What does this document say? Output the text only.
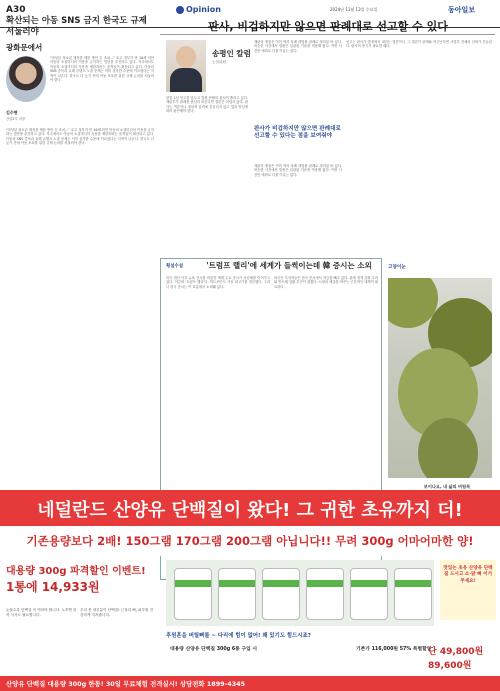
A30	Opinion	2024년 11월 13일 수요일	동아일보
확산되는 아동 SNS 금지 한국도 규제 서둘러야
광화문에서
김수현
산업1부 차장
"미성년 청소년 계정을 제한 방안 등 조치..." 호주 정부가 만 16세 미만 아동의 소셜미디어 이용을 금지하는 법안을 추진하고 있다. 각국에서도 아동의 소셜미디어 사용을 제한하려는 움직임이 확산되고 있다. 아동의 SNS 중독과 유해 콘텐츠 노출 문제는 이미 심각한 수준에 이르렀다는 지적이 나온다. 한국도 더 늦기 전에 아동 보호를 위한 규제 논의를 서둘러야 한다.
"미성년 청소년 계정을 제한 방안 등 조치..." 호주 정부가 만 16세 미만 아동의 소셜미디어 이용을 금지하는 법안을 추진하고 있다. 각국에서도 아동의 소셜미디어 사용을 제한하려는 움직임이 확산되고 있다. 아동의 SNS 중독과 유해 콘텐츠 노출 문제는 이미 심각한 수준에 이르렀다는 지적이 나온다. 한국도 더 늦기 전에 아동 보호를 위한 규제 논의를 서둘러야 한다.
판사, 비겁하지만 않으면 판례대로 선고할 수 있다
송평인 칼럼
논설위원
판결 1심 선고를 앞두고 법원 안팎의 관심이 쏠리고 있다. 재판부가 판례를 충실히 따른다면 결론은 어렵지 않다. 판사는 여론이나 정치적 압력에 흔들리지 않고 법과 양심에 따라 판단해야 한다.
재판의 쟁점은 이미 여러 차례 대법원 판례로 정리된 바 있다. 비슷한 사건에서 법원은 일관된 기준을 적용해 왔다. 이번 사건만 예외로 다룰 이유는 없다.
판사가 비겁하지만 않으면 판례대로 선고할 수 있다는 점을 보여줘야
재판의 쟁점은 이미 여러 차례 대법원 판례로 정리된 바 있다. 비슷한 사건에서 법원은 일관된 기준을 적용해 왔다. 이번 사건만 예외로 다룰 이유는 없다.
선고는 판사가 법정에서 내리는 결론이다. 그 결론이 판례와 어긋난다면 사법부 전체의 신뢰가 흔들린다. 판사의 용기가 필요한 때다.
횡설수설	'트럼프 랠리'에 세계가 들썩이는데 韓 증시는 소외
미국 대선 이후 뉴욕 증시를 비롯한 세계 주요 증시가 상승세를 이어가고 있다. 이른바 '트럼프 랠리'다. 비트코인도 사상 최고가를 경신했다. 그러나 한국 증시는 이 흐름에서 소외돼 있다.
외국인 투자자들은 한국 증시에서 자금을 빼고 있다. 관세 정책 강화 우려와 반도체 업황 부진이 겹쳤다. 시장의 체질을 바꾸는 근본적인 대책이 필요하다.
고양이눈
보이나요, 내 삶의 버팀목
네덜란드 산양유 단백질이 왔다! 그 귀한 초유까지 더!
기존용량보다 2배! 150그램 170그램 200그램 아닙니다!! 무려 300g 어마어마한 양!
대용량 300g 파격할인 이벤트!
1통에 14,933원
눈물수록 단백질 꼭 먹어야 합니다. 노후엔 한 끼 식사도 필요합니다.
우리 몸 대부분이 단백질! 근육과 뼈, 피부를 건강하게 지켜줍니다.
맛있는 초유 산양유 단백질 드시고 소·닭 뼈 이거 주세요!
후원혼을 버틸뻐를 ~ 다리에 힘이 없어! 왜 있기도 힘드시죠?
대용량 산양유 단백질 300g 6통 구입 시	기존가 116,000원 57% 특별할인
단 49,800원
89,600원
산양유 단백질 대용량 300g 한통! 30일 무료체험 전격실시! 상담전화 1899-4345
